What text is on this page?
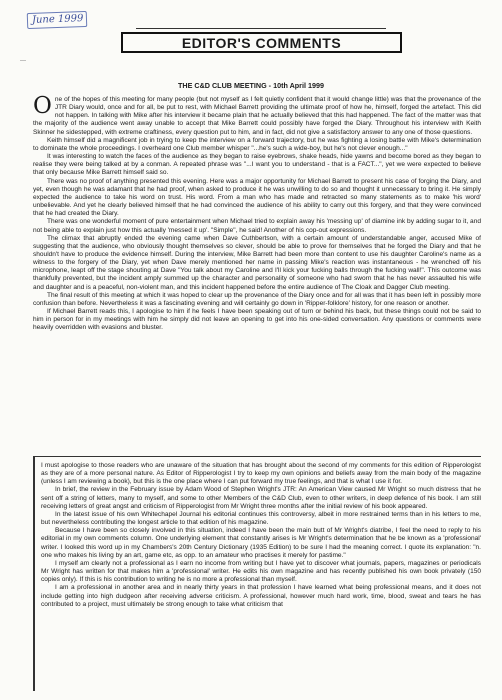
June 1999
—
EDITOR'S COMMENTS
THE C&D CLUB MEETING - 10th April 1999

One of the hopes of this meeting for many people (but not myself as I felt quietly confident that it would change little) was that the provenance of the JTR Diary would, once and for all, be put to rest, with Michael Barrett providing the ultimate proof of how he, himself, forged the artefact. This did not happen. In talking with Mike after his interview it became plain that he actually believed that this had happened. The fact of the matter was that the majority of the audience went away unable to accept that Mike Barrett could possibly have forged the Diary. Throughout his interview with Keith Skinner he sidestepped, with extreme craftiness, every question put to him, and in fact, did not give a satisfactory answer to any one of those questions.

Keith himself did a magnificent job in trying to keep the interview on a forward trajectory, but he was fighting a losing battle with Mike's determination to dominate the whole proceedings. I overheard one Club member whisper "...he's such a wide-boy, but he's not clever enough..."

It was interesting to watch the faces of the audience as they began to raise eyebrows, shake heads, hide yawns and become bored as they began to realise they were being talked at by a conman. A repeated phrase was "...I want you to understand - that is a FACT...", yet we were expected to believe that only because Mike Barrett himself said so.

There was no proof of anything presented this evening. Here was a major opportunity for Michael Barrett to present his case of forging the Diary, and yet, even though he was adamant that he had proof, when asked to produce it he was unwilling to do so and thought it unnecessary to bring it. He simply expected the audience to take his word on trust. His word. From a man who has made and retracted so many statements as to make 'his word' unbelievable. And yet he clearly believed himself that he had convinced the audience of his ability to carry out this forgery, and that they were convinced that he had created the Diary.

There was one wonderful moment of pure entertainment when Michael tried to explain away his 'messing up' of diamine ink by adding sugar to it, and not being able to explain just how this actually 'messed it up'. "Simple", he said! Another of his cop-out expressions.

The climax that abruptly ended the evening came when Dave Cuthbertson, with a certain amount of understandable anger, accused Mike of suggesting that the audience, who obviously thought themselves so clever, should be able to prove for themselves that he forged the Diary and that he shouldn't have to produce the evidence himself. During the interview, Mike Barrett had been more than content to use his daughter Caroline's name as a witness to the forgery of the Diary, yet when Dave merely mentioned her name in passing Mike's reaction was instantaneous - he wrenched off his microphone, leapt off the stage shouting at Dave "You talk about my Caroline and I'll kick your fucking balls through the fucking wall!". This outcome was thankfully prevented, but the incident amply summed up the character and personality of someone who had sworn that he has never assaulted his wife and daughter and is a peaceful, non-violent man, and this incident happened before the entire audience of The Cloak and Dagger Club meeting.

The final result of this meeting at which it was hoped to clear up the provenance of the Diary once and for all was that it has been left in possibly more confusion than before. Nevertheless it was a fascinating evening and will certainly go down in 'Ripper-folklore' history, for one reason or another.

If Michael Barrett reads this, I apologise to him if he feels I have been speaking out of turn or behind his back, but these things could not be said to him in person for in my meetings with him he simply did not leave an opening to get into his one-sided conversation. Any questions or comments were heavily overridden with evasions and bluster.

I must apologise to those readers who are unaware of the situation that has brought about the second of my comments for this edition of Ripperologist as they are of a more personal nature. As Editor of Ripperologist I try to keep my own opinions and beliefs away from the main body of the magazine (unless I am reviewing a book), but this is the one place where I can put forward my true feelings, and that is what I use it for.

In brief, the review in the February issue by Adam Wood of Stephen Wright's JTR: An American View caused Mr Wright so much distress that he sent off a string of letters, many to myself, and some to other Members of the C&D Club, even to other writers, in deep defence of his book. I am still receiving letters of great angst and criticism of Ripperologist from Mr Wright three months after the initial review of his book appeared.

In the latest issue of his own Whitechapel Journal his editorial continues this controversy, albeit in more restrained terms than in his letters to me, but nevertheless contributing the longest article to that edition of his magazine.

Because I have been so closely involved in this situation, indeed I have been the main butt of Mr Wright's diatribe, I feel the need to reply to his editorial in my own comments column. One underlying element that constantly arises is Mr Wright's determination that he be known as a 'professional' writer. I looked this word up in my Chambers's 20th Century Dictionary (1935 Edition) to be sure I had the meaning correct. I quote its explanation: "n. one who makes his living by an art, game etc, as opp. to an amateur who practises it merely for pastime."

I myself am clearly not a professional as I earn no income from writing but I have yet to discover what journals, papers, magazines or periodicals Mr Wright has written for that makes him a 'professional' writer. He edits his own magazine and has recently published his own book privately (150 copies only). If this is his contribution to writing he is no more a professional than myself.

I am a professional in another area and in nearly thirty years in that profession I have learned what being professional means, and it does not include getting into high dudgeon after receiving adverse criticism. A professional, however much hard work, time, blood, sweat and tears he has contributed to a project, must ultimately be strong enough to take what criticism that
